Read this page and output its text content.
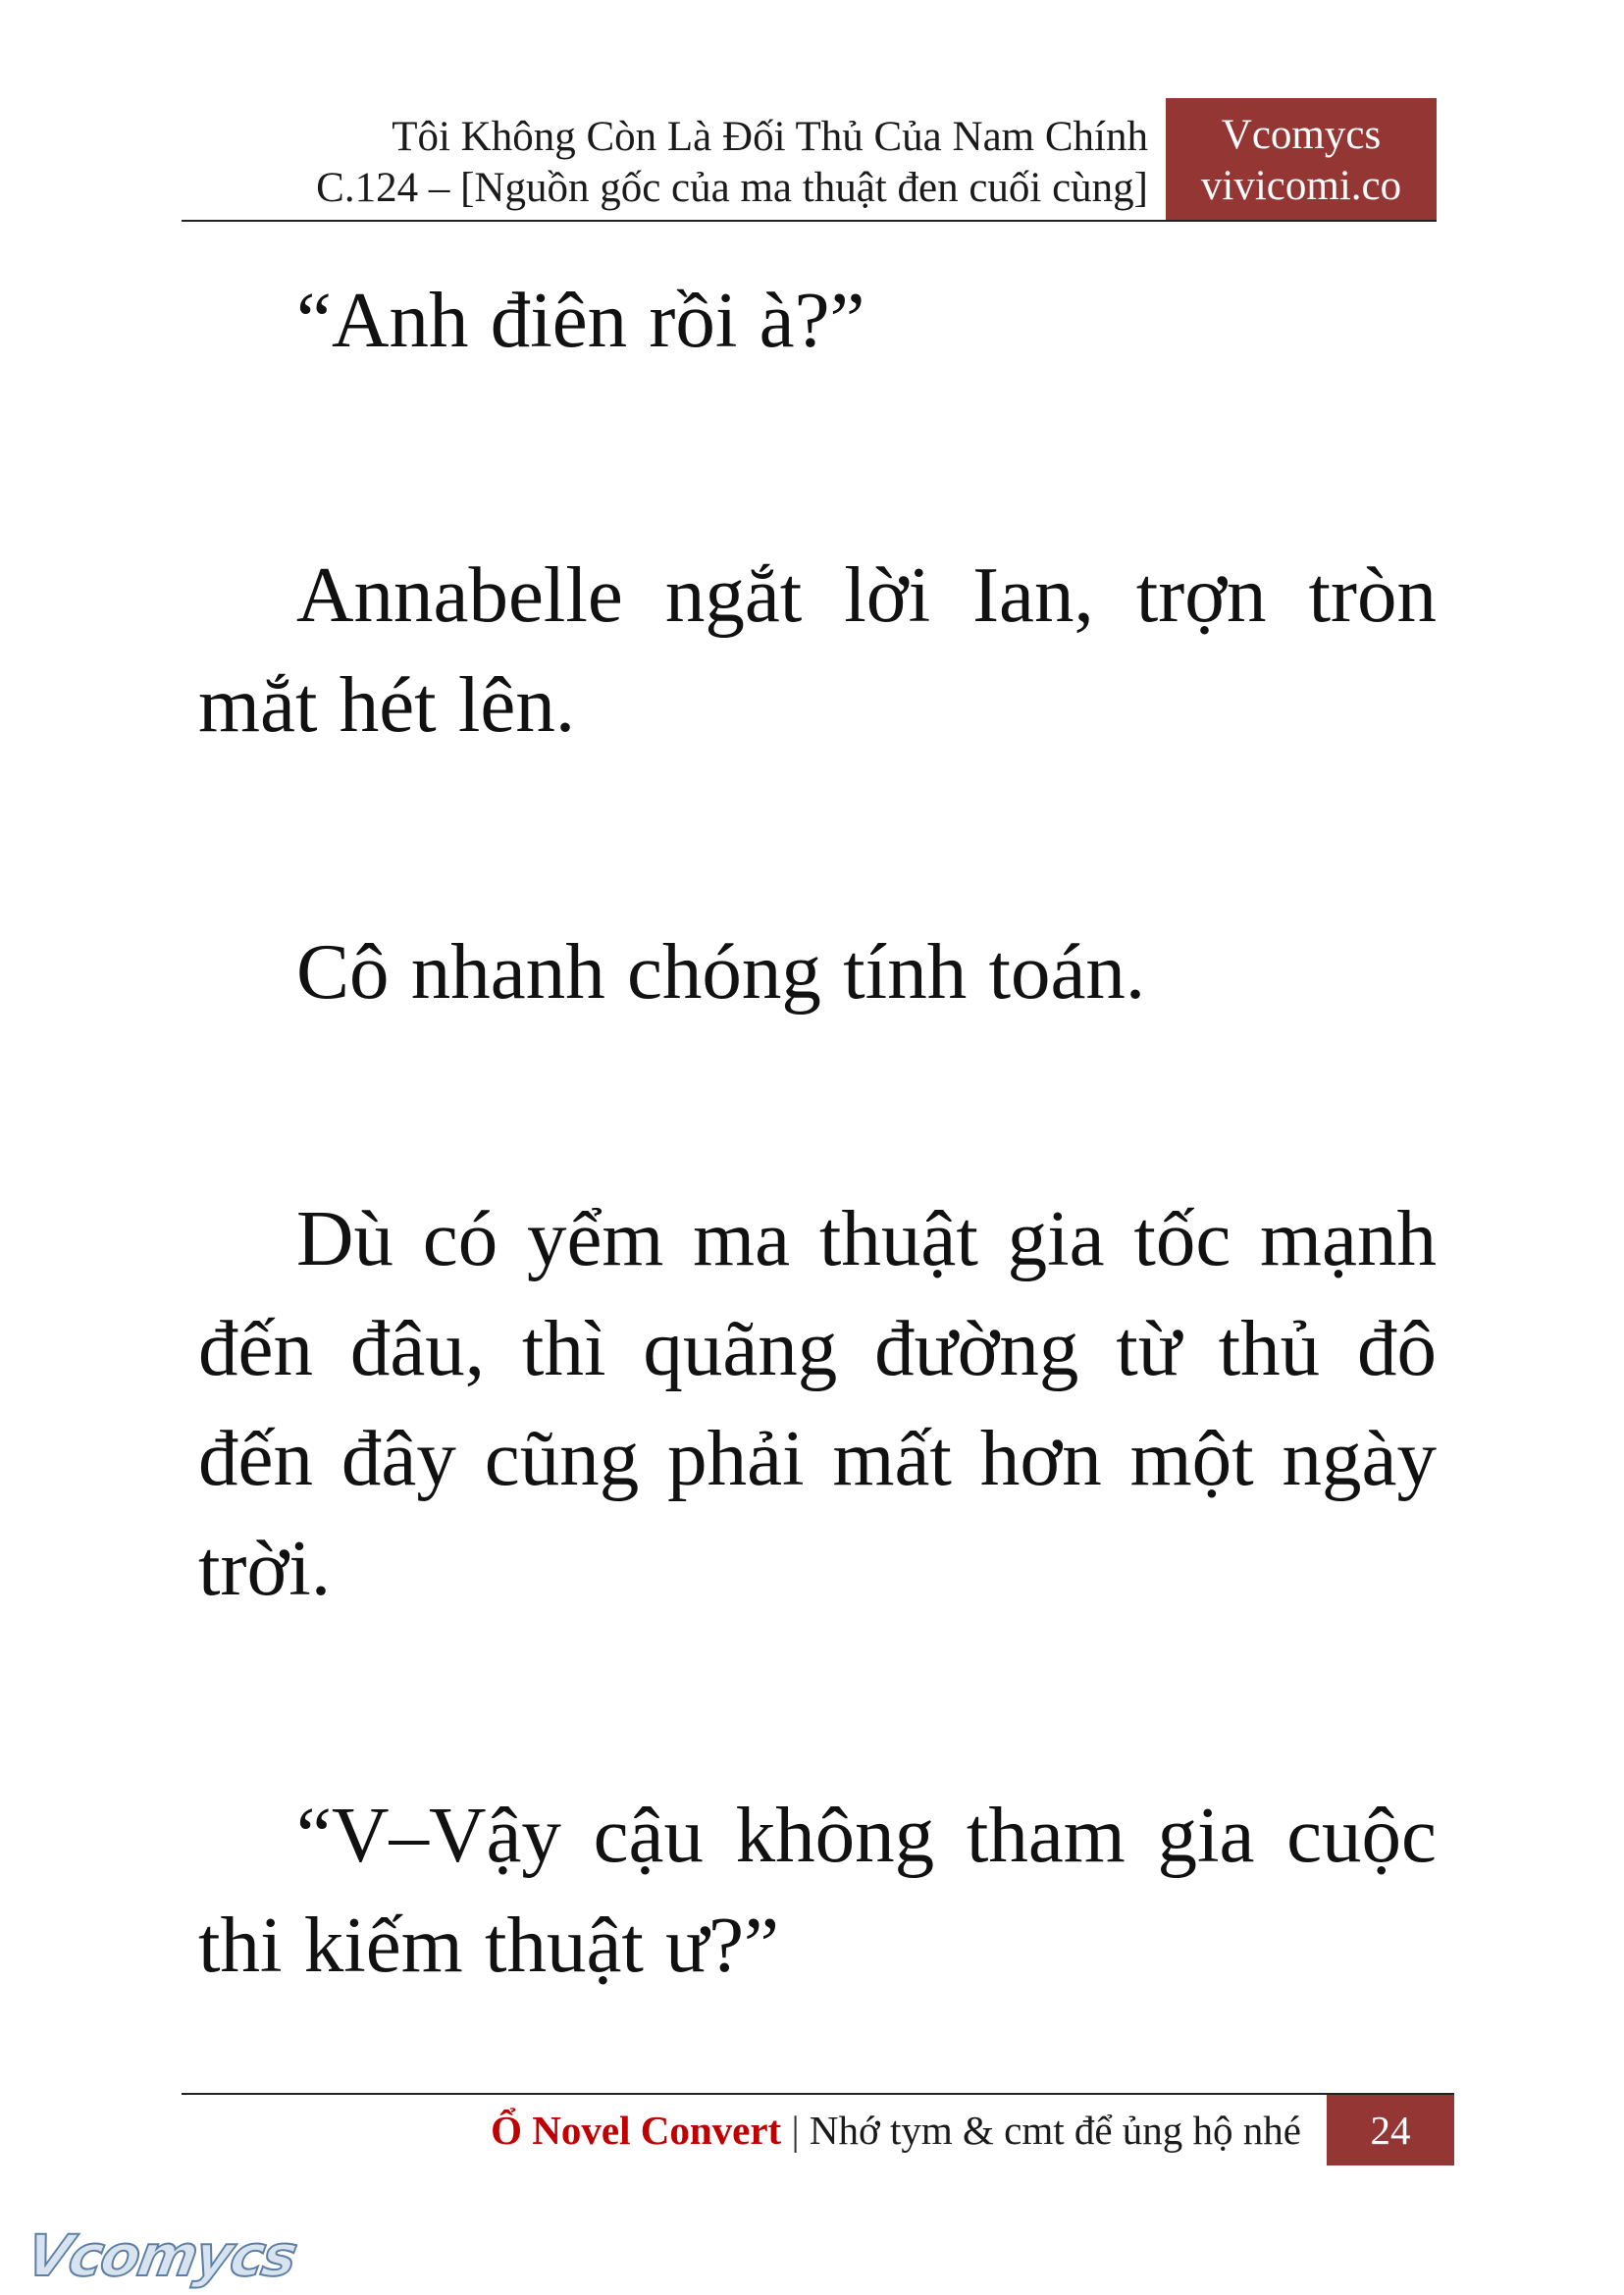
Tôi Không Còn Là Đối Thủ Của Nam Chính
C.124 – [Nguồn gốc của ma thuật đen cuối cùng]
Vcomycs
vivicomi.co

“Anh điên rồi à?”

Annabelle ngắt lời Ian, trợn tròn mắt hét lên.

Cô nhanh chóng tính toán.

Dù có yểm ma thuật gia tốc mạnh đến đâu, thì quãng đường từ thủ đô đến đây cũng phải mất hơn một ngày trời.

“V–Vậy cậu không tham gia cuộc thi kiếm thuật ư?”

Ổ Novel Convert | Nhớ tym & cmt để ủng hộ nhé	24
Vcomycs
